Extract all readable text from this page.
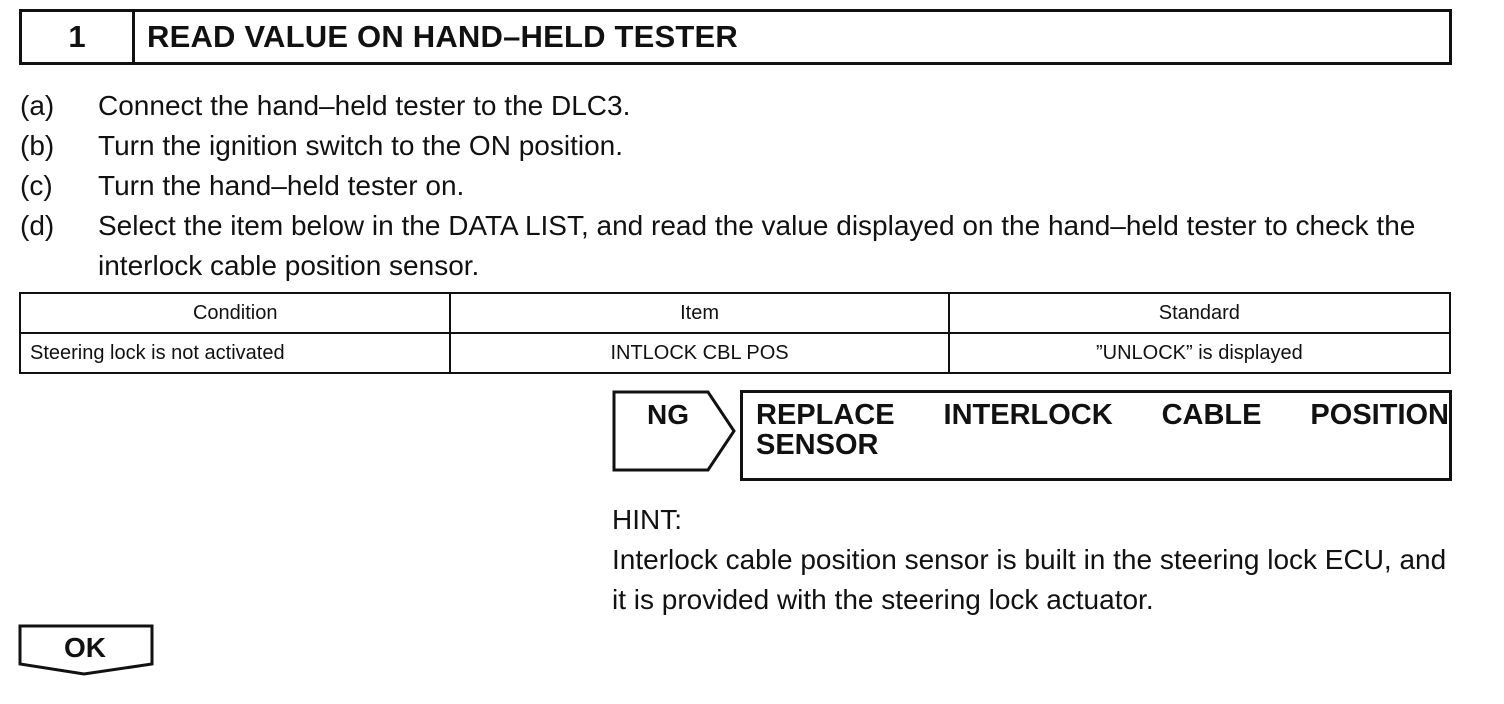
1	READ VALUE ON HAND–HELD TESTER
(a)	Connect the hand–held tester to the DLC3.
(b)	Turn the ignition switch to the ON position.
(c)	Turn the hand–held tester on.
(d)	Select the item below in the DATA LIST, and read the value displayed on the hand–held tester to check the interlock cable position sensor.
Condition	Item	Standard
Steering lock is not activated	INTLOCK CBL POS	”UNLOCK” is displayed
NG	REPLACE INTERLOCK CABLE POSITION
SENSOR
HINT:
Interlock cable position sensor is built in the steering lock ECU, and it is provided with the steering lock actuator.
OK
